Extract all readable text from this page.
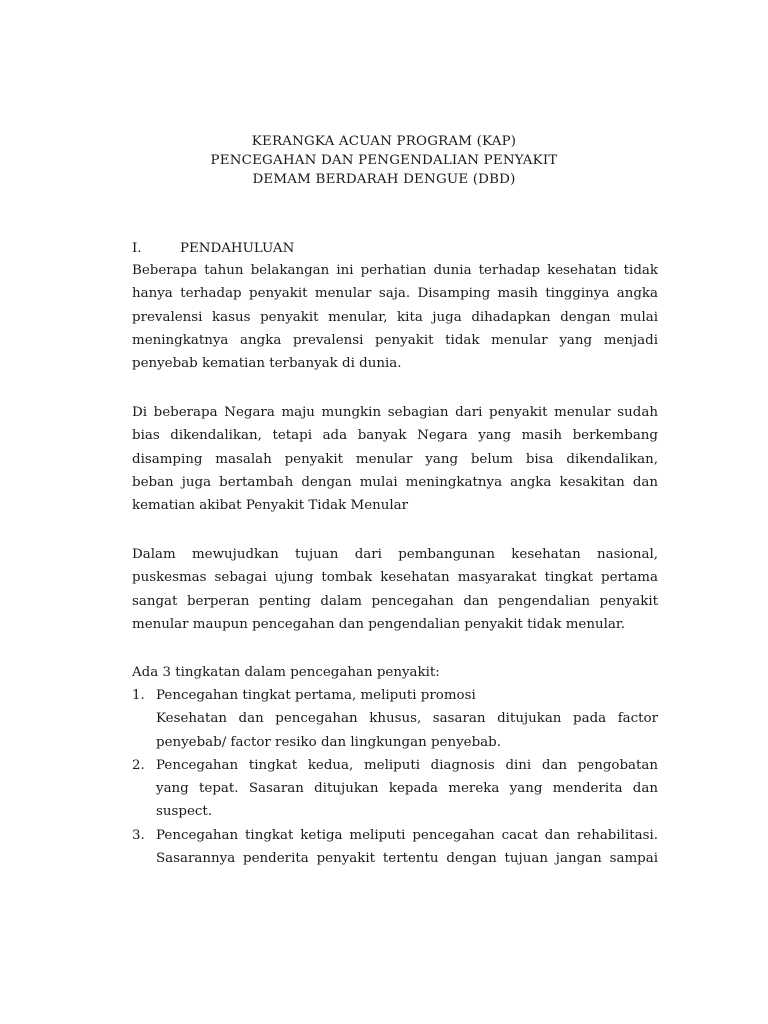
KERANGKA ACUAN PROGRAM (KAP)
PENCEGAHAN DAN PENGENDALIAN PENYAKIT
DEMAM BERDARAH DENGUE (DBD)
I.	PENDAHULUAN

Beberapa tahun belakangan ini perhatian dunia terhadap kesehatan tidak
hanya terhadap penyakit menular saja. Disamping masih tingginya angka
prevalensi kasus penyakit menular, kita juga dihadapkan dengan mulai
meningkatnya angka prevalensi penyakit tidak menular yang menjadi
penyebab kematian terbanyak di dunia.

Di beberapa Negara maju mungkin sebagian dari penyakit menular sudah
bias dikendalikan, tetapi ada banyak Negara yang masih berkembang
disamping masalah penyakit menular yang belum bisa dikendalikan,
beban juga bertambah dengan mulai meningkatnya angka kesakitan dan
kematian akibat Penyakit Tidak Menular

Dalam mewujudkan tujuan dari pembangunan kesehatan nasional,
puskesmas sebagai ujung tombak kesehatan masyarakat tingkat pertama
sangat berperan penting dalam pencegahan dan pengendalian penyakit
menular maupun pencegahan dan pengendalian penyakit tidak menular.

Ada 3 tingkatan dalam pencegahan penyakit:

1. Pencegahan tingkat pertama, meliputi promosi
Kesehatan dan pencegahan khusus, sasaran ditujukan pada factor
penyebab/ factor resiko dan lingkungan penyebab.
2. Pencegahan tingkat kedua, meliputi diagnosis dini dan pengobatan
yang tepat. Sasaran ditujukan kepada mereka yang menderita dan
suspect.
3. Pencegahan tingkat ketiga meliputi pencegahan cacat dan rehabilitasi.
Sasarannya penderita penyakit tertentu dengan tujuan jangan sampai
